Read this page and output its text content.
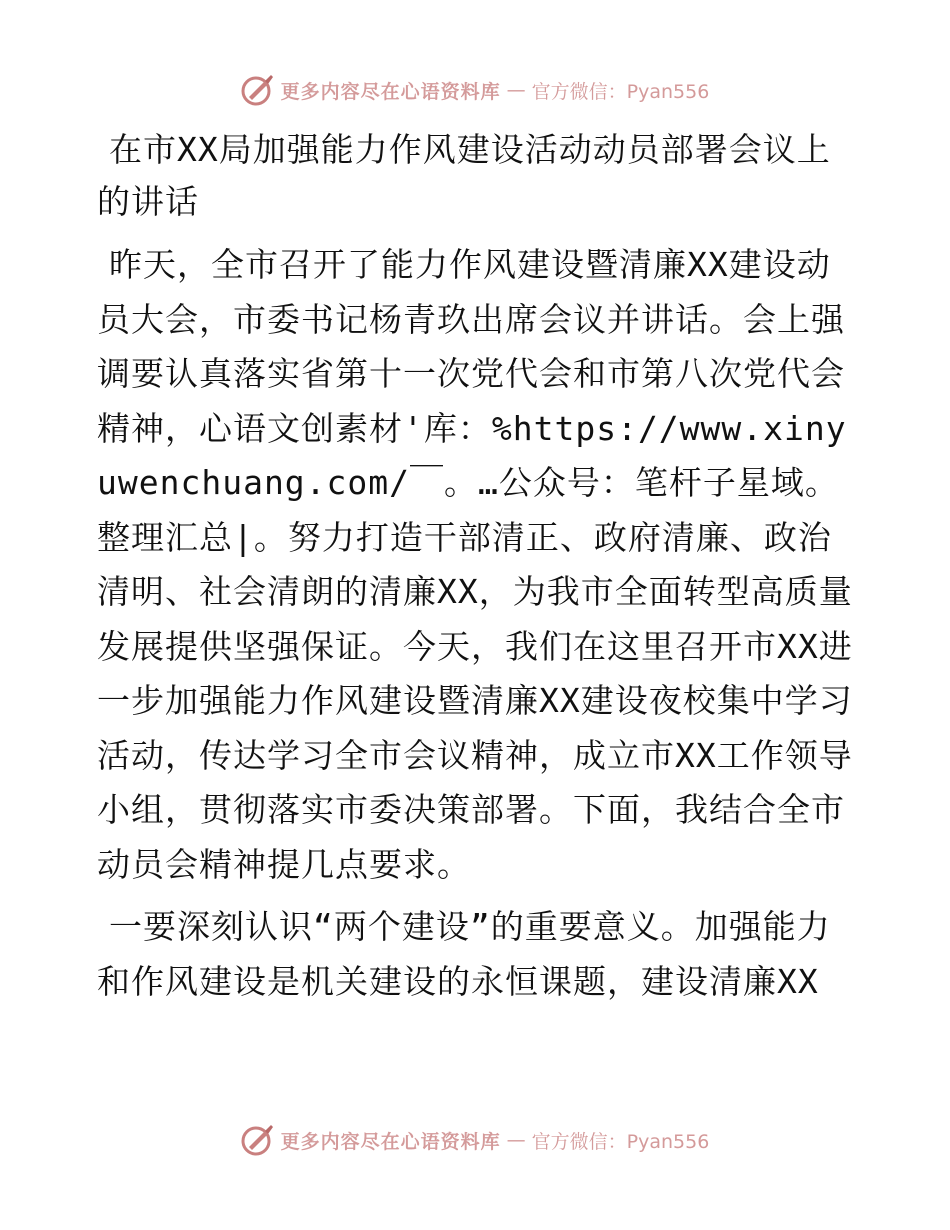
更多内容尽在心语资料库 — 官方微信：Pyan556
在市XX局加强能力作风建设活动动员部署会议上的讲话

昨天，全市召开了能力作风建设暨清廉XX建设动员大会，市委书记杨青玖出席会议并讲话。会上强调要认真落实省第十一次党代会和市第八次党代会精神，心语文创素材'库：%https://www.xinyuwenchuang.com/￣。…公众号：笔杆子星域。整理汇总|。努力打造干部清正、政府清廉、政治清明、社会清朗的清廉XX，为我市全面转型高质量发展提供坚强保证。今天，我们在这里召开市XX进一步加强能力作风建设暨清廉XX建设夜校集中学习活动，传达学习全市会议精神，成立市XX工作领导小组，贯彻落实市委决策部署。下面，我结合全市动员会精神提几点要求。

一要深刻认识“两个建设”的重要意义。加强能力和作风建设是机关建设的永恒课题，建设清廉XX

更多内容尽在心语资料库 — 官方微信：Pyan556
